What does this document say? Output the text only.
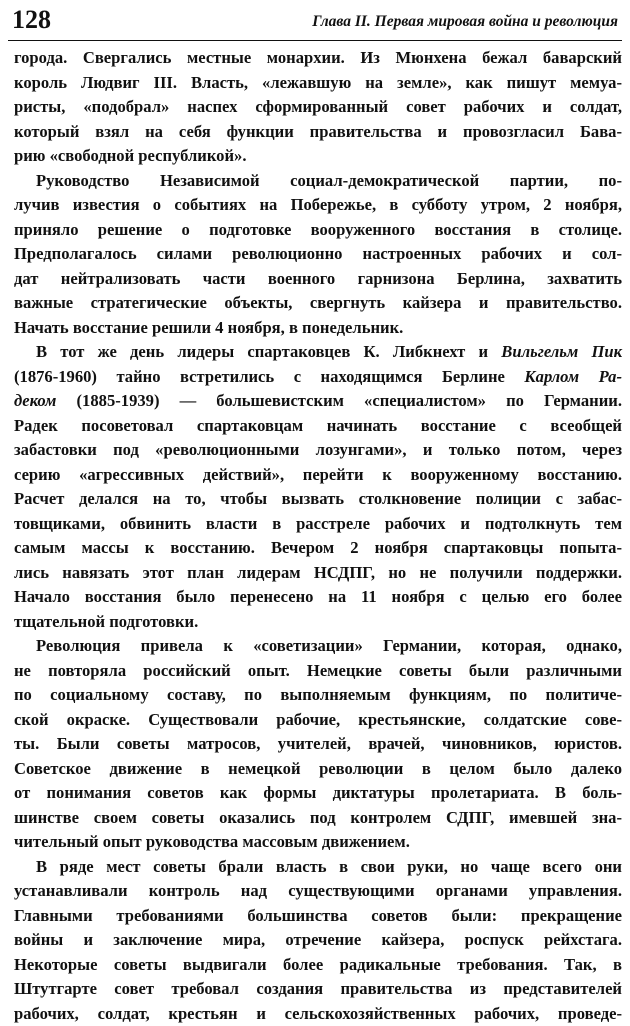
128	Глава II. Первая мировая война и революция
города. Свергались местные монархии. Из Мюнхена бежал баварский
король Людвиг III. Власть, «лежавшую на земле», как пишут мемуа-
ристы, «подобрал» наспех сформированный совет рабочих и солдат,
который взял на себя функции правительства и провозгласил Бава-
рию «свободной республикой».
Руководство Независимой социал-демократической партии, по-
лучив известия о событиях на Побережье, в субботу утром, 2 ноября,
приняло решение о подготовке вооруженного восстания в столице.
Предполагалось силами революционно настроенных рабочих и сол-
дат нейтрализовать части военного гарнизона Берлина, захватить
важные стратегические объекты, свергнуть кайзера и правительство.
Начать восстание решили 4 ноября, в понедельник.
В тот же день лидеры спартаковцев К. Либкнехт и Вильгельм Пик
(1876-1960) тайно встретились с находящимся Берлине Карлом Ра-
деком (1885-1939) — большевистским «специалистом» по Германии.
Радек посоветовал спартаковцам начинать восстание с всеобщей
забастовки под «революционными лозунгами», и только потом, через
серию «агрессивных действий», перейти к вооруженному восстанию.
Расчет делался на то, чтобы вызвать столкновение полиции с забас-
товщиками, обвинить власти в расстреле рабочих и подтолкнуть тем
самым массы к восстанию. Вечером 2 ноября спартаковцы попыта-
лись навязать этот план лидерам НСДПГ, но не получили поддержки.
Начало восстания было перенесено на 11 ноября с целью его более
тщательной подготовки.
Революция привела к «советизации» Германии, которая, однако,
не повторяла российский опыт. Немецкие советы были различными
по социальному составу, по выполняемым функциям, по политиче-
ской окраске. Существовали рабочие, крестьянские, солдатские сове-
ты. Были советы матросов, учителей, врачей, чиновников, юристов.
Советское движение в немецкой революции в целом было далеко
от понимания советов как формы диктатуры пролетариата. В боль-
шинстве своем советы оказались под контролем СДПГ, имевшей зна-
чительный опыт руководства массовым движением.
В ряде мест советы брали власть в свои руки, но чаще всего они
устанавливали контроль над существующими органами управления.
Главными требованиями большинства советов были: прекращение
войны и заключение мира, отречение кайзера, роспуск рейхстага.
Некоторые советы выдвигали более радикальные требования. Так, в
Штутгарте совет требовал создания правительства из представителей
рабочих, солдат, крестьян и сельскохозяйственных рабочих, проведе-
